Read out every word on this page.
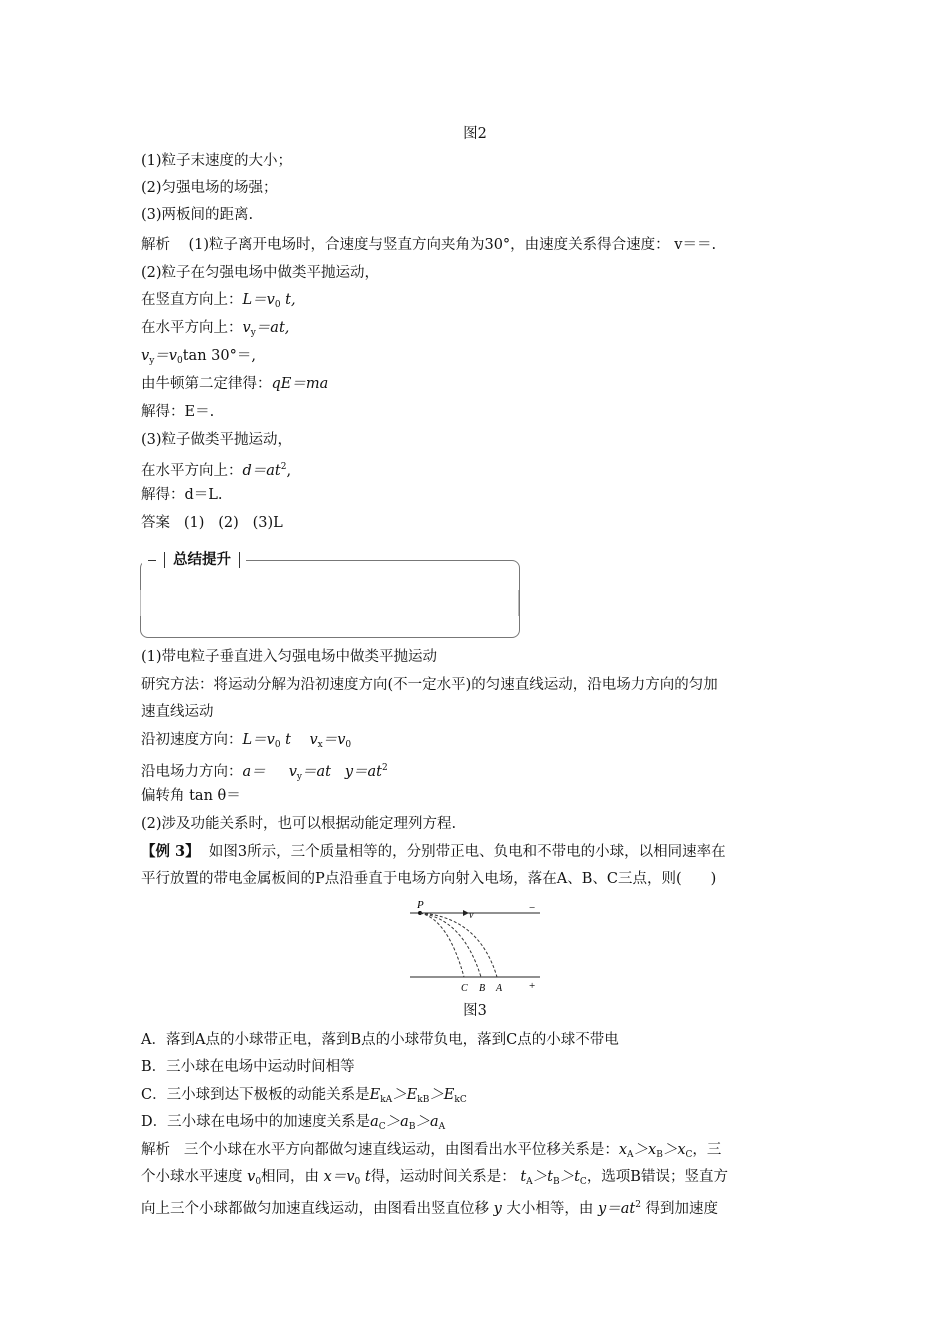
图2
(1)粒子末速度的大小；
(2)匀强电场的场强；
(3)两板间的距离.
解析 (1)粒子离开电场时，合速度与竖直方向夹角为30°，由速度关系得合速度： v＝＝.
(2)粒子在匀强电场中做类平抛运动，
在竖直方向上：$L=v_0$ t,
在水平方向上：$v_y=at$,
$v_y=v_0\tan$ 30°＝,
由牛顿第二定律得：qE＝ma
解得：E＝.
(3)粒子做类平抛运动，
在水平方向上：$d=at^2$,
解得：d＝L.
答案 (1) (2) (3)L
总结提升
(1)带电粒子垂直进入匀强电场中做类平抛运动
研究方法：将运动分解为沿初速度方向(不一定水平)的匀速直线运动，沿电场力方向的匀加
速直线运动
沿初速度方向：$L=v_0$ t $v_x=v_0$
沿电场力方向：$a= v_y=at$ $y=at^2$
偏转角 tan θ＝
(2)涉及功能关系时，也可以根据动能定理列方程.
【例 3】 如图3所示，三个质量相等的，分别带正电、负电和不带电的小球，以相同速率在
平行放置的带电金属板间的P点沿垂直于电场方向射入电场，落在A、B、C三点，则(　　)
P
v
−
+
C B A
图3
A．落到A点的小球带正电，落到B点的小球带负电，落到C点的小球不带电
B．三小球在电场中运动时间相等
C．三小球到达下极板的动能关系是$E_{kA}>E_{kB}>E_{kC}$
D．三小球在电场中的加速度关系是$a_C>a_B>a_A$
解析 三个小球在水平方向都做匀速直线运动，由图看出水平位移关系是：$x_A>x_B>x_C$，三
个小球水平速度 $v_0$相同，由 $x=v_0$ t得，运动时间关系是： $t_A>t_B>t_C$，选项B错误；竖直方
向上三个小球都做匀加速直线运动，由图看出竖直位移 y 大小相等，由 $y=at^2$ 得到加速度
